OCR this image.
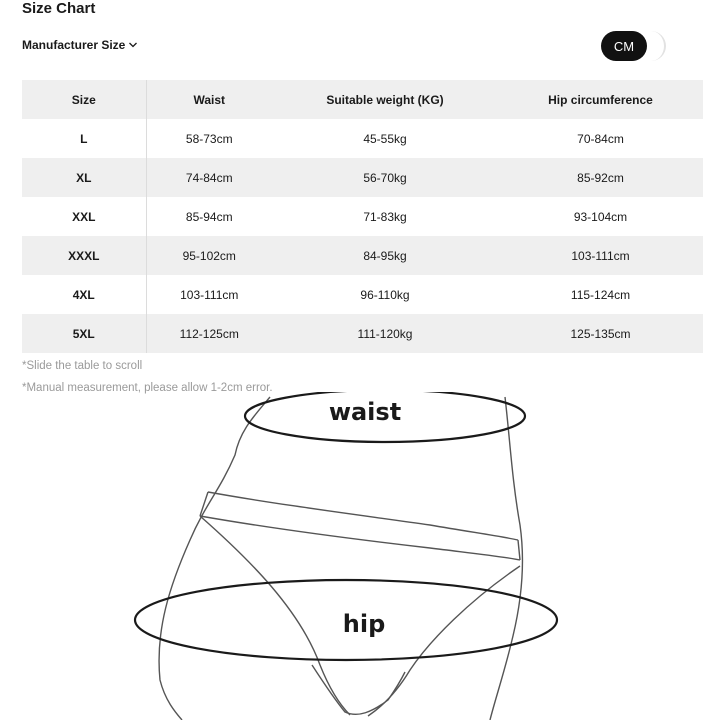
Size Chart
Manufacturer Size	CM
Size	Waist	Suitable weight (KG)	Hip circumference
L	58-73cm	45-55kg	70-84cm
XL	74-84cm	56-70kg	85-92cm
XXL	85-94cm	71-83kg	93-104cm
XXXL	95-102cm	84-95kg	103-111cm
4XL	103-111cm	96-110kg	115-124cm
5XL	112-125cm	111-120kg	125-135cm
*Slide the table to scroll
*Manual measurement, please allow 1-2cm error.
waist
hip
